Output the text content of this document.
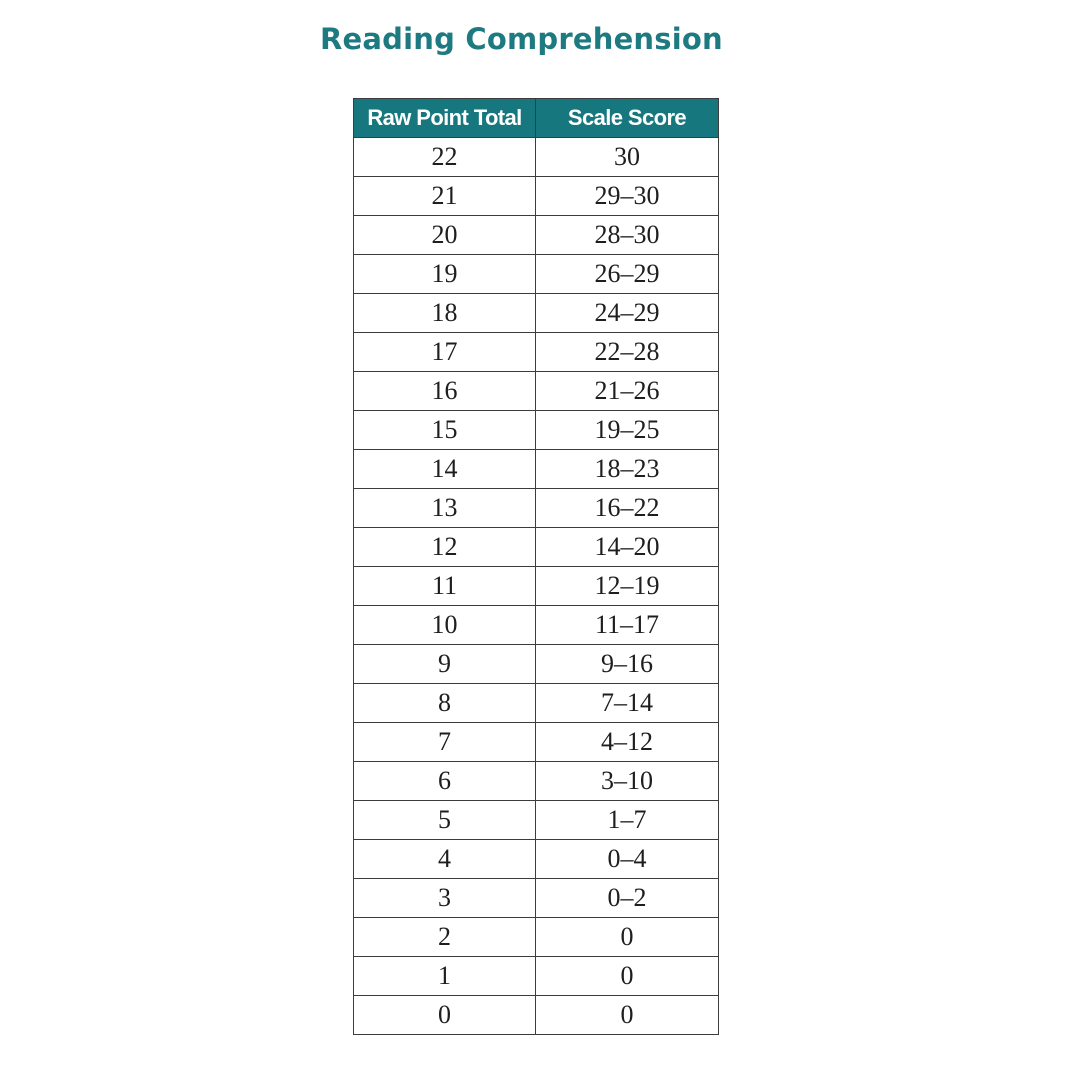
Reading Comprehension
Raw Point Total	Scale Score
22	30
21	29–30
20	28–30
19	26–29
18	24–29
17	22–28
16	21–26
15	19–25
14	18–23
13	16–22
12	14–20
11	12–19
10	11–17
9	9–16
8	7–14
7	4–12
6	3–10
5	1–7
4	0–4
3	0–2
2	0
1	0
0	0
